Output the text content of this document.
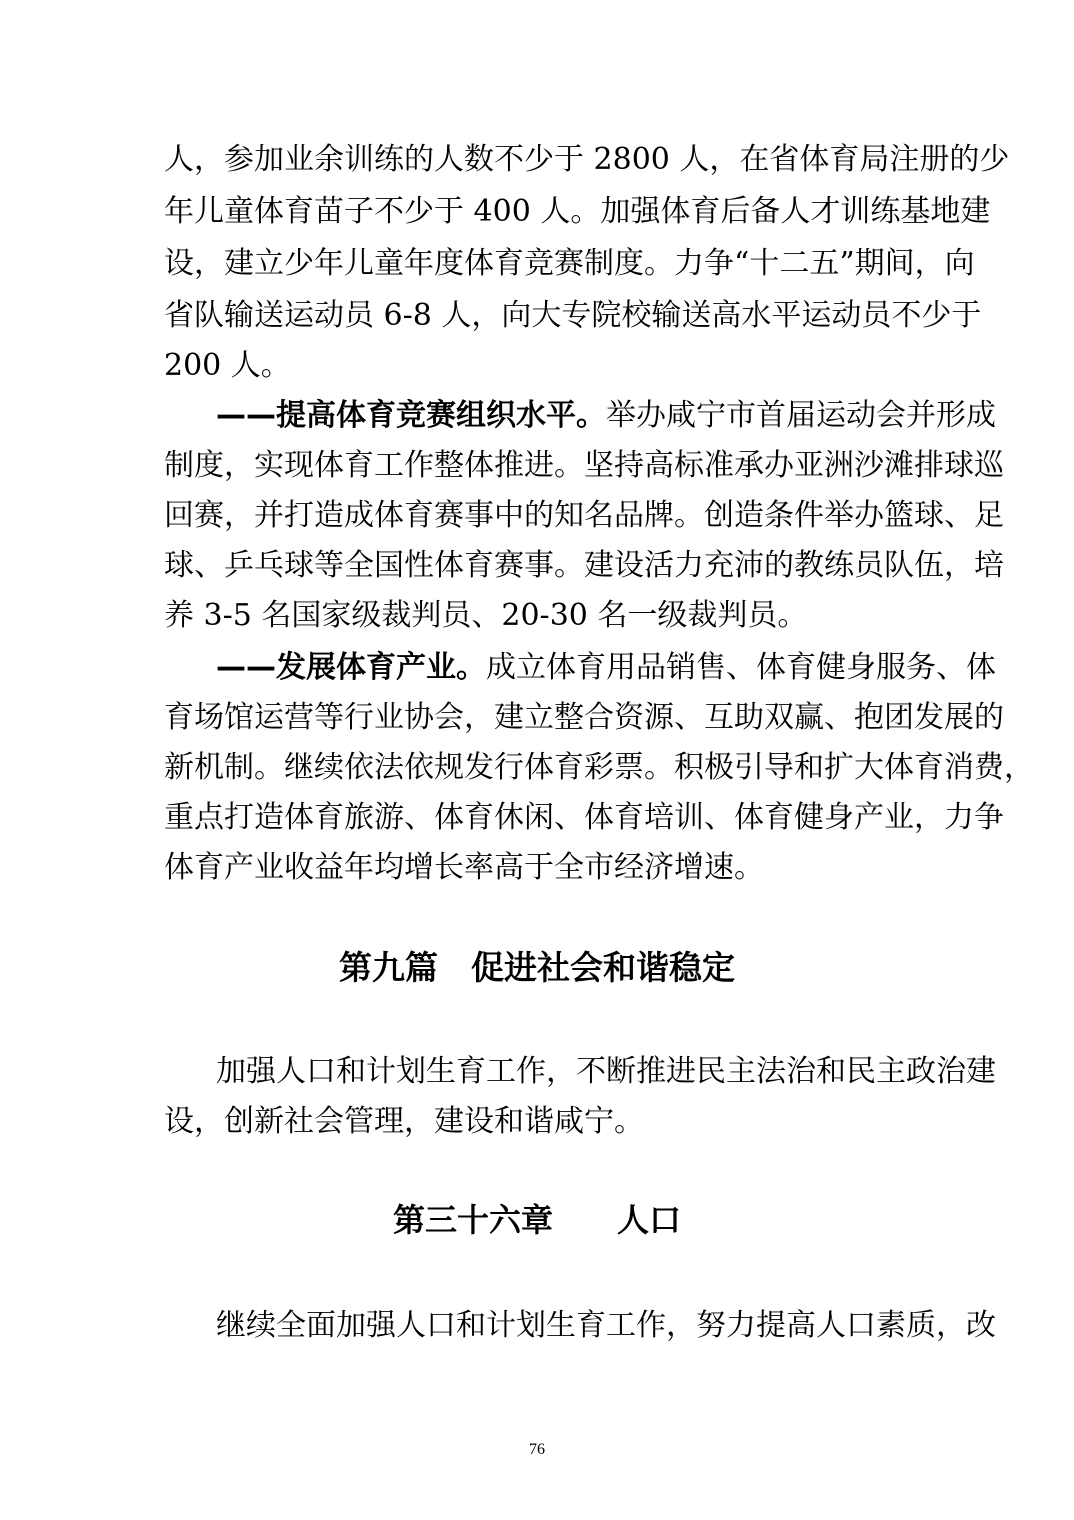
人，参加业余训练的人数不少于 2800 人，在省体育局注册的少
年儿童体育苗子不少于 400 人。加强体育后备人才训练基地建
设，建立少年儿童年度体育竞赛制度。力争“十二五”期间，向
省队输送运动员 6-8 人，向大专院校输送高水平运动员不少于
200 人。
——提高体育竞赛组织水平。举办咸宁市首届运动会并形成
制度，实现体育工作整体推进。坚持高标准承办亚洲沙滩排球巡
回赛，并打造成体育赛事中的知名品牌。创造条件举办篮球、足
球、乒乓球等全国性体育赛事。建设活力充沛的教练员队伍，培
养 3-5 名国家级裁判员、20-30 名一级裁判员。
——发展体育产业。成立体育用品销售、体育健身服务、体
育场馆运营等行业协会，建立整合资源、互助双赢、抱团发展的
新机制。继续依法依规发行体育彩票。积极引导和扩大体育消费，
重点打造体育旅游、体育休闲、体育培训、体育健身产业，力争
体育产业收益年均增长率高于全市经济增速。
第九篇　促进社会和谐稳定
加强人口和计划生育工作，不断推进民主法治和民主政治建
设，创新社会管理，建设和谐咸宁。
第三十六章　　人口
继续全面加强人口和计划生育工作，努力提高人口素质，改
76
